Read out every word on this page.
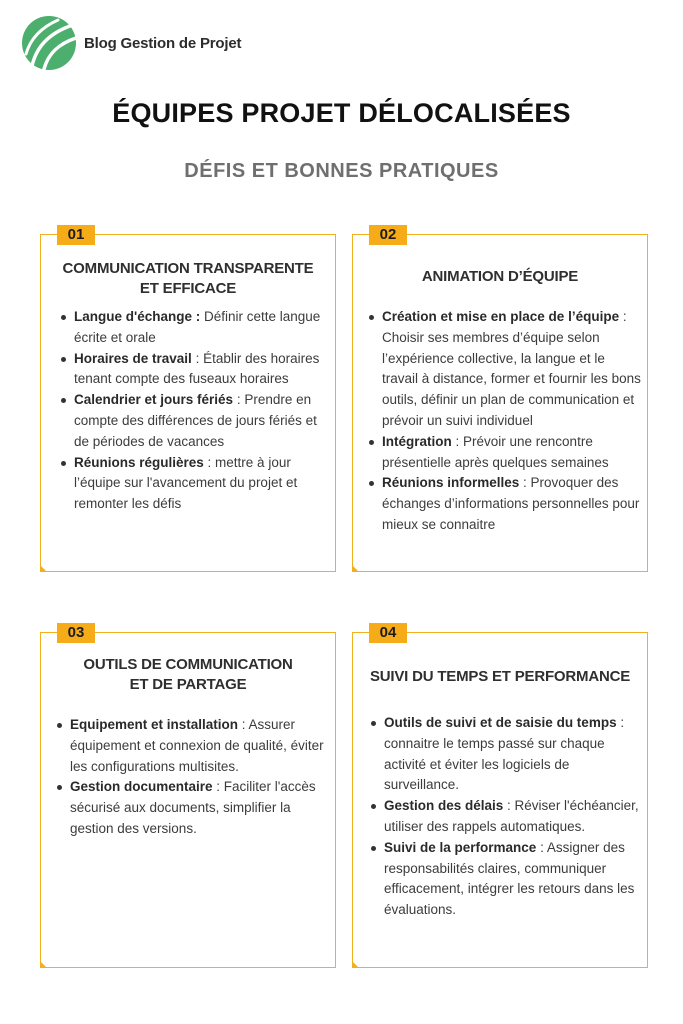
Blog Gestion de Projet
ÉQUIPES PROJET DÉLOCALISÉES
DÉFIS ET BONNES PRATIQUES
01
COMMUNICATION TRANSPARENTE
ET EFFICACE
Langue d'échange : Définir cette langue écrite et orale
Horaires de travail : Établir des horaires tenant compte des fuseaux horaires
Calendrier et jours fériés : Prendre en compte des différences de jours fériés et de périodes de vacances
Réunions régulières : mettre à jour l’équipe sur l'avancement du projet et remonter les défis
02
ANIMATION D’ÉQUIPE
Création et mise en place de l’équipe : Choisir ses membres d’équipe selon l’expérience collective, la langue et le travail à distance, former et fournir les bons outils, définir un plan de communication et prévoir un suivi individuel
Intégration : Prévoir une rencontre présentielle après quelques semaines
Réunions informelles : Provoquer des échanges d’informations personnelles pour mieux se connaitre
03
OUTILS DE COMMUNICATION
ET DE PARTAGE
Equipement et installation : Assurer équipement et connexion de qualité, éviter les configurations multisites.
Gestion documentaire : Faciliter l'accès sécurisé aux documents, simplifier la gestion des versions.
04
SUIVI DU TEMPS ET PERFORMANCE
Outils de suivi et de saisie du temps : connaitre le temps passé sur chaque activité et éviter les logiciels de surveillance.
Gestion des délais : Réviser l'échéancier, utiliser des rappels automatiques.
Suivi de la performance : Assigner des responsabilités claires, communiquer efficacement, intégrer les retours dans les évaluations.
